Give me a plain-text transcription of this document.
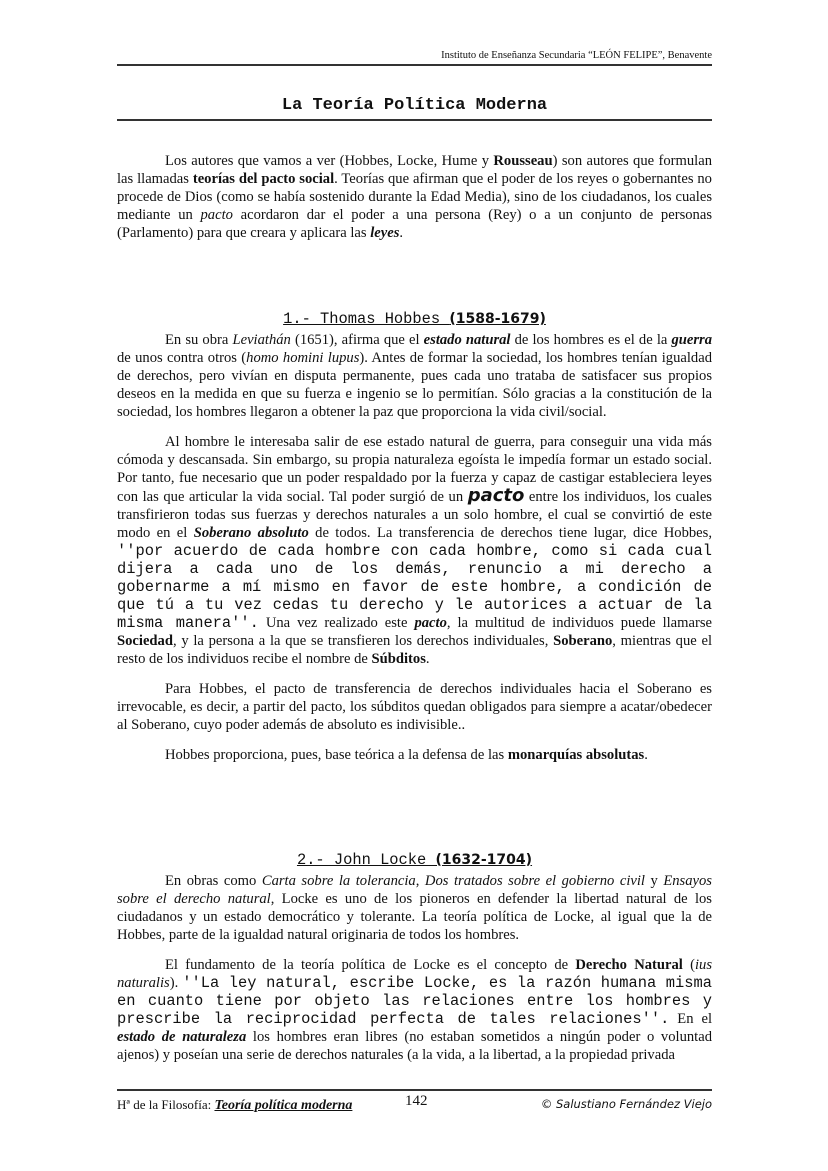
Instituto de Enseñanza Secundaria “LEÓN FELIPE”, Benavente
La Teoría Política Moderna

Los autores que vamos a ver (Hobbes, Locke, Hume y Rousseau) son autores que formulan las llamadas teorías del pacto social. Teorías que afirman que el poder de los reyes o gobernantes no procede de Dios (como se había sostenido durante la Edad Media), sino de los ciudadanos, los cuales mediante un pacto acordaron dar el poder a una persona (Rey) o a un conjunto de personas (Parlamento) para que creara y aplicara las leyes.

1.- Thomas Hobbes (1588-1679)

En su obra Leviathán (1651), afirma que el estado natural de los hombres es el de la guerra de unos contra otros (homo homini lupus). Antes de formar la sociedad, los hombres tenían igualdad de derechos, pero vivían en disputa permanente, pues cada uno trataba de satisfacer sus propios deseos en la medida en que su fuerza e ingenio se lo permitían. Sólo gracias a la constitución de la sociedad, los hombres llegaron a obtener la paz que proporciona la vida civil/social.

Al hombre le interesaba salir de ese estado natural de guerra, para conseguir una vida más cómoda y descansada. Sin embargo, su propia naturaleza egoísta le impedía formar un estado social. Por tanto, fue necesario que un poder respaldado por la fuerza y capaz de castigar estableciera leyes con las que articular la vida social. Tal poder surgió de un pacto entre los individuos, los cuales transfirieron todas sus fuerzas y derechos naturales a un solo hombre, el cual se convirtió de este modo en el Soberano absoluto de todos. La transferencia de derechos tiene lugar, dice Hobbes, ''por acuerdo de cada hombre con cada hombre, como si cada cual dijera a cada uno de los demás, renuncio a mi derecho a gobernarme a mí mismo en favor de este hombre, a condición de que tú a tu vez cedas tu derecho y le autorices a actuar de la misma manera''. Una vez realizado este pacto, la multitud de individuos puede llamarse Sociedad, y la persona a la que se transfieren los derechos individuales, Soberano, mientras que el resto de los individuos recibe el nombre de Súbditos.

Para Hobbes, el pacto de transferencia de derechos individuales hacia el Soberano es irrevocable, es decir, a partir del pacto, los súbditos quedan obligados para siempre a acatar/obedecer al Soberano, cuyo poder además de absoluto es indivisible..

Hobbes proporciona, pues, base teórica a la defensa de las monarquías absolutas.

2.- John Locke (1632-1704)

En obras como Carta sobre la tolerancia, Dos tratados sobre el gobierno civil y Ensayos sobre el derecho natural, Locke es uno de los pioneros en defender la libertad natural de los ciudadanos y un estado democrático y tolerante. La teoría política de Locke, al igual que la de Hobbes, parte de la igualdad natural originaria de todos los hombres.

El fundamento de la teoría política de Locke es el concepto de Derecho Natural (ius naturalis). ''La ley natural, escribe Locke, es la razón humana misma en cuanto tiene por objeto las relaciones entre los hombres y prescribe la reciprocidad perfecta de tales relaciones''. En el estado de naturaleza los hombres eran libres (no estaban sometidos a ningún poder o voluntad ajenos) y poseían una serie de derechos naturales (a la vida, a la libertad, a la propiedad privada

Hª de la Filosofía: Teoría política moderna	142	© Salustiano Fernández Viejo
